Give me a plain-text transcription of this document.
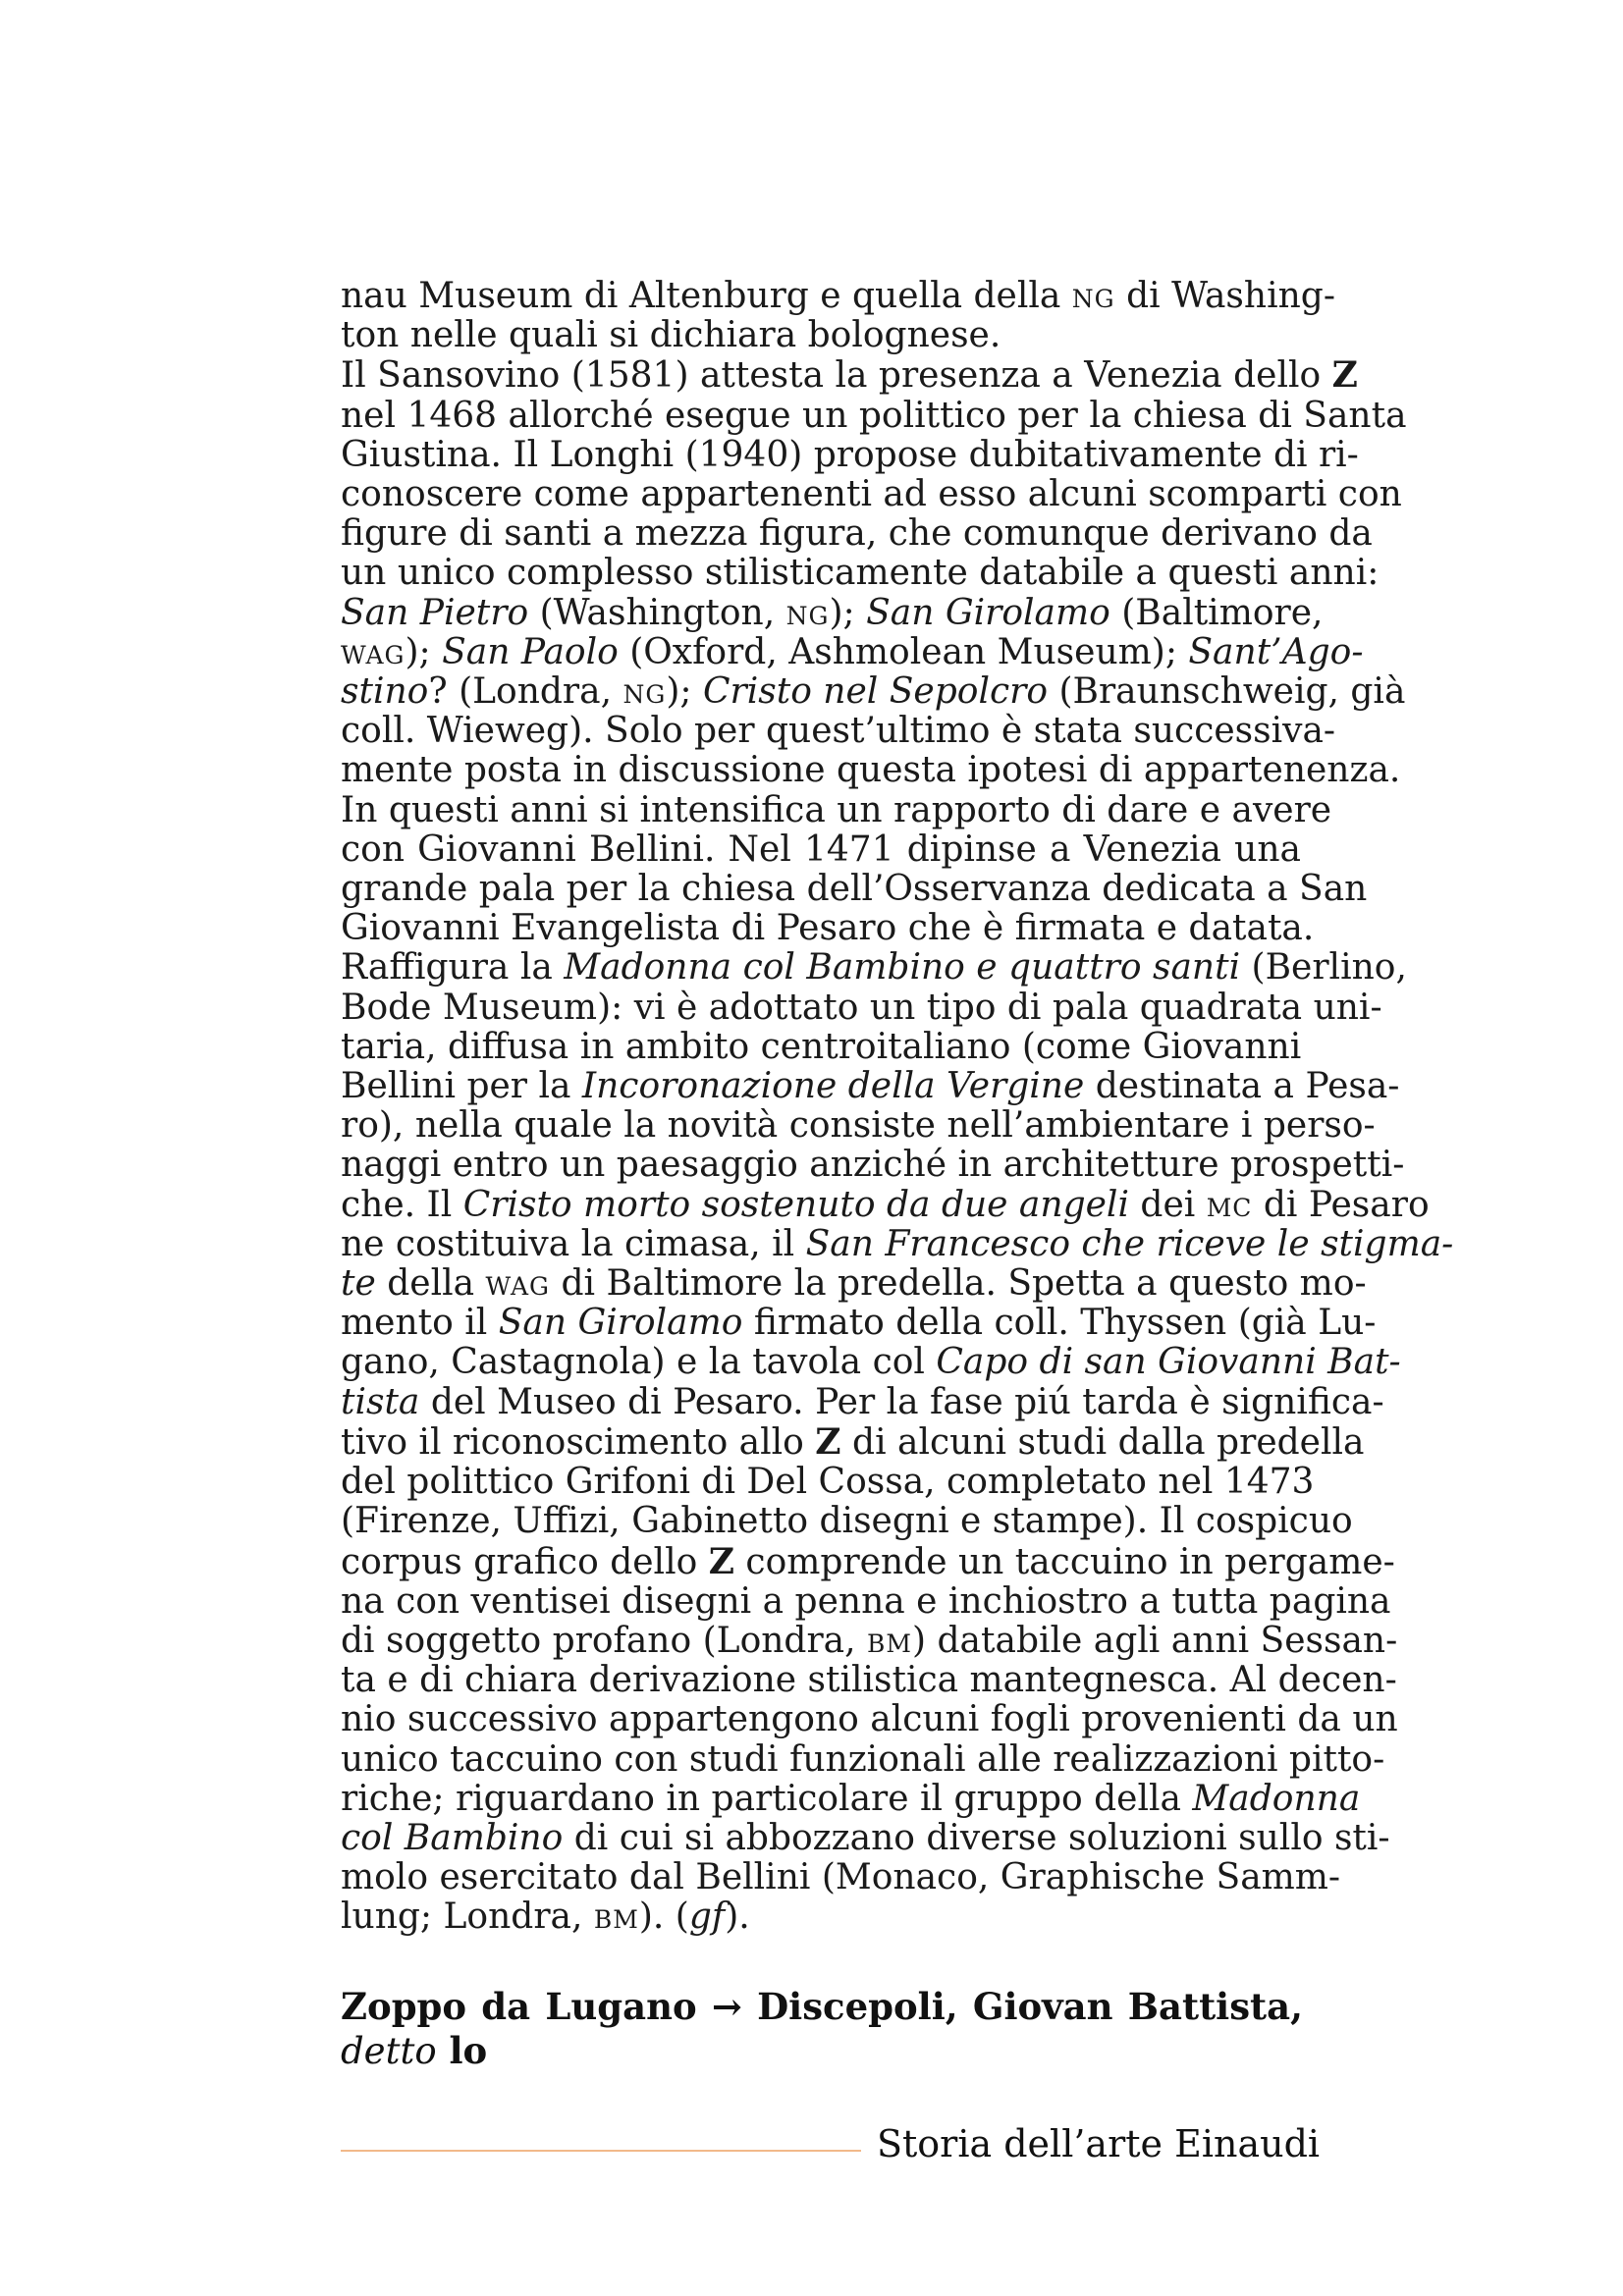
nau Museum di Altenburg e quella della ng di Washing-
ton nelle quali si dichiara bolognese.
Il Sansovino (1581) attesta la presenza a Venezia dello Z
nel 1468 allorché esegue un polittico per la chiesa di Santa
Giustina. Il Longhi (1940) propose dubitativamente di ri-
conoscere come appartenenti ad esso alcuni scomparti con
figure di santi a mezza figura, che comunque derivano da
un unico complesso stilisticamente databile a questi anni:
San Pietro (Washington, ng); San Girolamo (Baltimore,
wag); San Paolo (Oxford, Ashmolean Museum); Sant’Ago-
stino? (Londra, ng); Cristo nel Sepolcro (Braunschweig, già
coll. Wieweg). Solo per quest’ultimo è stata successiva-
mente posta in discussione questa ipotesi di appartenenza.
In questi anni si intensifica un rapporto di dare e avere
con Giovanni Bellini. Nel 1471 dipinse a Venezia una
grande pala per la chiesa dell’Osservanza dedicata a San
Giovanni Evangelista di Pesaro che è firmata e datata.
Raffigura la Madonna col Bambino e quattro santi (Berlino,
Bode Museum): vi è adottato un tipo di pala quadrata uni-
taria, diffusa in ambito centroitaliano (come Giovanni
Bellini per la Incoronazione della Vergine destinata a Pesa-
ro), nella quale la novità consiste nell’ambientare i perso-
naggi entro un paesaggio anziché in architetture prospetti-
che. Il Cristo morto sostenuto da due angeli dei mc di Pesaro
ne costituiva la cimasa, il San Francesco che riceve le stigma-
te della wag di Baltimore la predella. Spetta a questo mo-
mento il San Girolamo firmato della coll. Thyssen (già Lu-
gano, Castagnola) e la tavola col Capo di san Giovanni Bat-
tista del Museo di Pesaro. Per la fase piú tarda è significa-
tivo il riconoscimento allo Z di alcuni studi dalla predella
del polittico Grifoni di Del Cossa, completato nel 1473
(Firenze, Uffizi, Gabinetto disegni e stampe). Il cospicuo
corpus grafico dello Z comprende un taccuino in pergame-
na con ventisei disegni a penna e inchiostro a tutta pagina
di soggetto profano (Londra, bm) databile agli anni Sessan-
ta e di chiara derivazione stilistica mantegnesca. Al decen-
nio successivo appartengono alcuni fogli provenienti da un
unico taccuino con studi funzionali alle realizzazioni pitto-
riche; riguardano in particolare il gruppo della Madonna
col Bambino di cui si abbozzano diverse soluzioni sullo sti-
molo esercitato dal Bellini (Monaco, Graphische Samm-
lung; Londra, bm). (gf).

Zoppo da Lugano → Discepoli, Giovan Battista,
detto lo
Storia dell’arte Einaudi
